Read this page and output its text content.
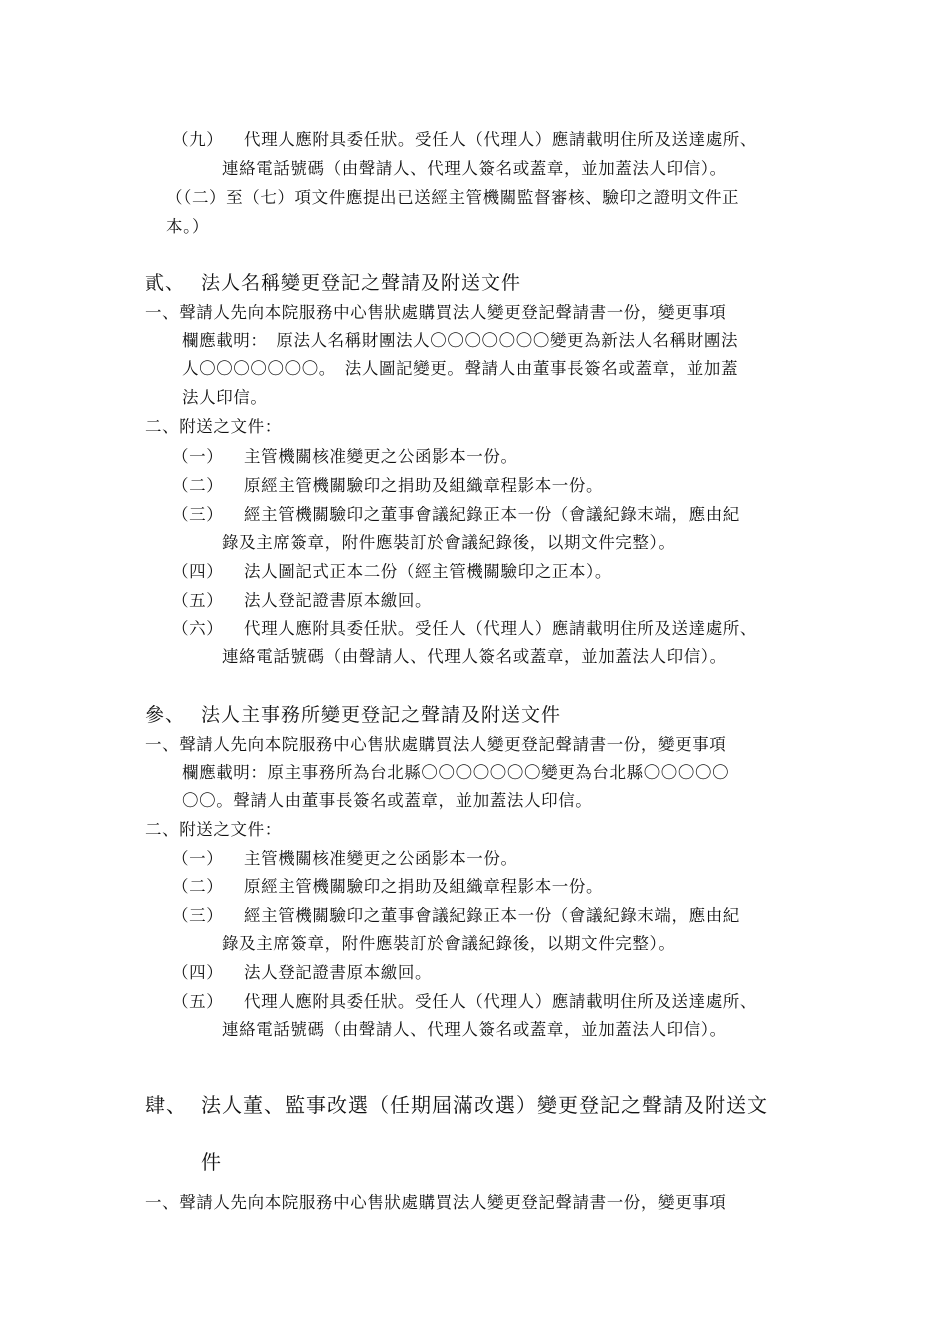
（九） 代理人應附具委任狀。受任人（代理人）應請載明住所及送達處所、
連絡電話號碼（由聲請人、代理人簽名或蓋章，並加蓋法人印信）。
（（二）至（七）項文件應提出已送經主管機關監督審核、驗印之證明文件正
本。）
貳、 法人名稱變更登記之聲請及附送文件
一、聲請人先向本院服務中心售狀處購買法人變更登記聲請書一份，變更事項
欄應載明：　原法人名稱財團法人〇〇〇〇〇〇〇變更為新法人名稱財團法
人〇〇〇〇〇〇〇。　法人圖記變更。聲請人由董事長簽名或蓋章，並加蓋
法人印信。
二、附送之文件：
（一） 主管機關核准變更之公函影本一份。
（二） 原經主管機關驗印之捐助及組織章程影本一份。
（三） 經主管機關驗印之董事會議紀錄正本一份（會議紀錄末端，應由紀
錄及主席簽章，附件應裝訂於會議紀錄後，以期文件完整）。
（四） 法人圖記式正本二份（經主管機關驗印之正本）。
（五） 法人登記證書原本繳回。
（六） 代理人應附具委任狀。受任人（代理人）應請載明住所及送達處所、
連絡電話號碼（由聲請人、代理人簽名或蓋章，並加蓋法人印信）。
參、 法人主事務所變更登記之聲請及附送文件
一、聲請人先向本院服務中心售狀處購買法人變更登記聲請書一份，變更事項
欄應載明：原主事務所為台北縣〇〇〇〇〇〇〇變更為台北縣〇〇〇〇〇
〇〇。聲請人由董事長簽名或蓋章，並加蓋法人印信。
二、附送之文件：
（一） 主管機關核准變更之公函影本一份。
（二） 原經主管機關驗印之捐助及組織章程影本一份。
（三） 經主管機關驗印之董事會議紀錄正本一份（會議紀錄末端，應由紀
錄及主席簽章，附件應裝訂於會議紀錄後，以期文件完整）。
（四） 法人登記證書原本繳回。
（五） 代理人應附具委任狀。受任人（代理人）應請載明住所及送達處所、
連絡電話號碼（由聲請人、代理人簽名或蓋章，並加蓋法人印信）。
肆、 法人董、監事改選（任期屆滿改選）變更登記之聲請及附送文
件
一、聲請人先向本院服務中心售狀處購買法人變更登記聲請書一份，變更事項
